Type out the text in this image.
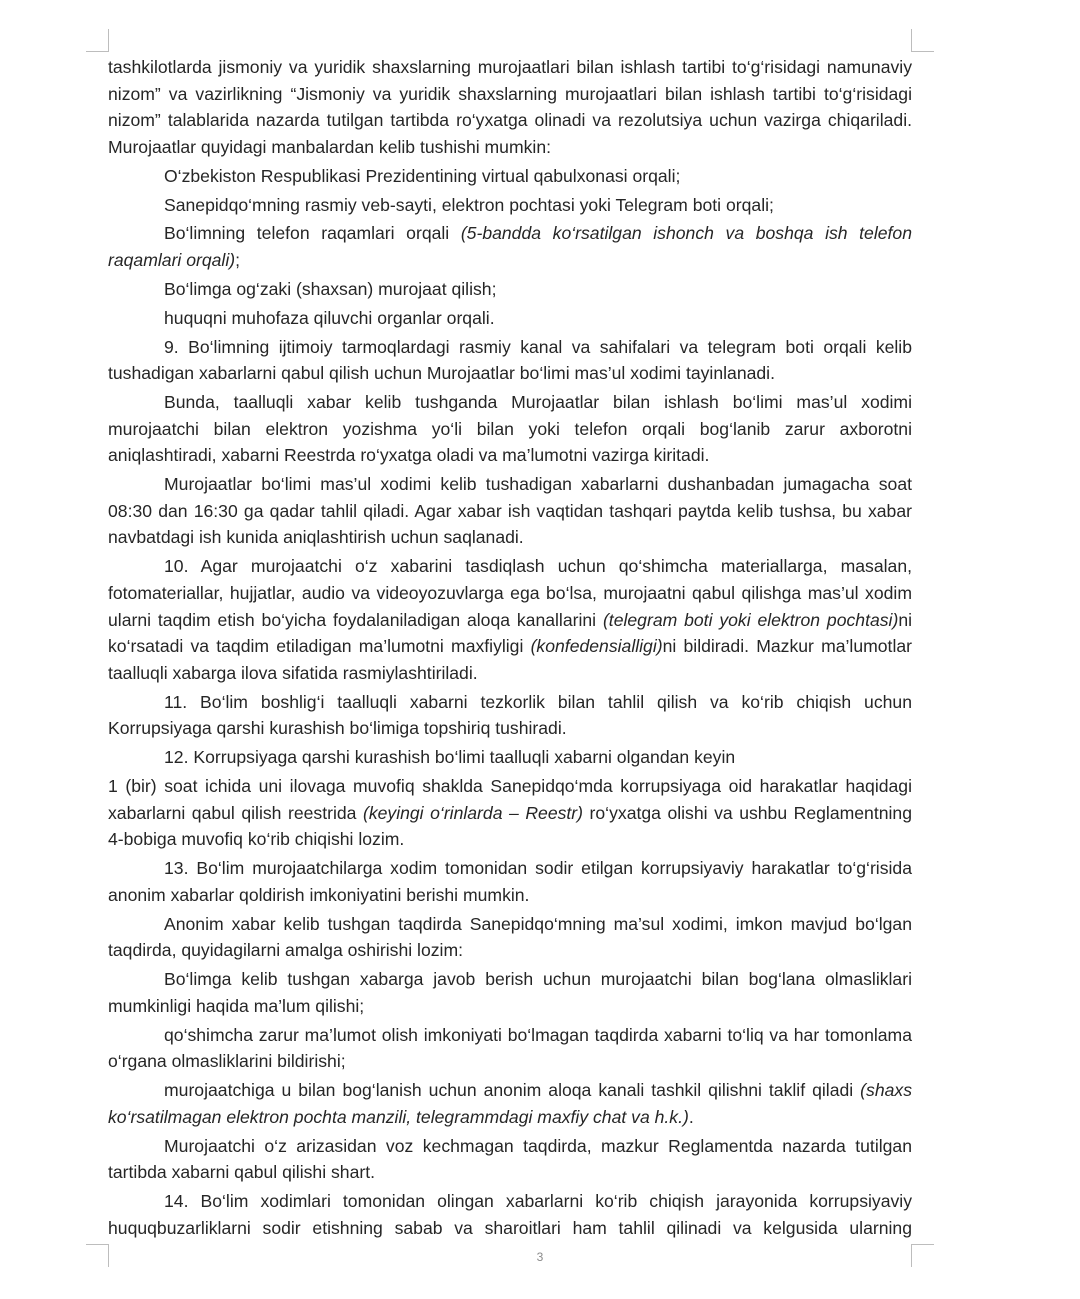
tashkilotlarda jismoniy va yuridik shaxslarning murojaatlari bilan ishlash tartibi to‘g‘risidagi namunaviy nizom” va vazirlikning “Jismoniy va yuridik shaxslarning murojaatlari bilan ishlash tartibi to‘g‘risidagi nizom” talablarida nazarda tutilgan tartibda ro‘yxatga olinadi va rezolutsiya uchun vazirga chiqariladi. Murojaatlar quyidagi manbalardan kelib tushishi mumkin:

O‘zbekiston Respublikasi Prezidentining virtual qabulxonasi orqali;

Sanepidqo‘mning rasmiy veb-sayti, elektron pochtasi yoki Telegram boti orqali;

Bo‘limning telefon raqamlari orqali (5-bandda ko‘rsatilgan ishonch va boshqa ish telefon raqamlari orqali);

Bo‘limga og‘zaki (shaxsan) murojaat qilish;

huquqni muhofaza qiluvchi organlar orqali.

9. Bo‘limning ijtimoiy tarmoqlardagi rasmiy kanal va sahifalari va telegram boti orqali kelib tushadigan xabarlarni qabul qilish uchun Murojaatlar bo‘limi mas’ul xodimi tayinlanadi.

Bunda, taalluqli xabar kelib tushganda Murojaatlar bilan ishlash bo‘limi mas’ul xodimi murojaatchi bilan elektron yozishma yo‘li bilan yoki telefon orqali bog‘lanib zarur axborotni aniqlashtiradi, xabarni Reestrda ro‘yxatga oladi va ma’lumotni vazirga kiritadi.

Murojaatlar bo‘limi mas’ul xodimi kelib tushadigan xabarlarni dushanbadan jumagacha soat 08:30 dan 16:30 ga qadar tahlil qiladi. Agar xabar ish vaqtidan tashqari paytda kelib tushsa, bu xabar navbatdagi ish kunida aniqlashtirish uchun saqlanadi.

10. Agar murojaatchi o‘z xabarini tasdiqlash uchun qo‘shimcha materiallarga, masalan, fotomateriallar, hujjatlar, audio va videoyozuvlarga ega bo‘lsa, murojaatni qabul qilishga mas’ul xodim ularni taqdim etish bo‘yicha foydalaniladigan aloqa kanallarini (telegram boti yoki elektron pochtasi)ni ko‘rsatadi va taqdim etiladigan ma’lumotni maxfiyligi (konfedensialligi)ni bildiradi. Mazkur ma’lumotlar taalluqli xabarga ilova sifatida rasmiylashtiriladi.

11. Bo‘lim boshlig‘i taalluqli xabarni tezkorlik bilan tahlil qilish va ko‘rib chiqish uchun Korrupsiyaga qarshi kurashish bo‘limiga topshiriq tushiradi.

12. Korrupsiyaga qarshi kurashish bo‘limi taalluqli xabarni olgandan keyin

1 (bir) soat ichida uni ilovaga muvofiq shaklda Sanepidqo‘mda korrupsiyaga oid harakatlar haqidagi xabarlarni qabul qilish reestrida (keyingi o‘rinlarda – Reestr) ro‘yxatga olishi va ushbu Reglamentning 4-bobiga muvofiq ko‘rib chiqishi lozim.

13. Bo‘lim murojaatchilarga xodim tomonidan sodir etilgan korrupsiyaviy harakatlar to‘g‘risida anonim xabarlar qoldirish imkoniyatini berishi mumkin.

Anonim xabar kelib tushgan taqdirda Sanepidqo‘mning ma’sul xodimi, imkon mavjud bo‘lgan taqdirda, quyidagilarni amalga oshirishi lozim:

Bo‘limga kelib tushgan xabarga javob berish uchun murojaatchi bilan bog‘lana olmasliklari mumkinligi haqida ma’lum qilishi;

qo‘shimcha zarur ma’lumot olish imkoniyati bo‘lmagan taqdirda xabarni to‘liq va har tomonlama o‘rgana olmasliklarini bildirishi;

murojaatchiga u bilan bog‘lanish uchun anonim aloqa kanali tashkil qilishni taklif qiladi (shaxs ko‘rsatilmagan elektron pochta manzili, telegrammdagi maxfiy chat va h.k.).

Murojaatchi o‘z arizasidan voz kechmagan taqdirda, mazkur Reglamentda nazarda tutilgan tartibda xabarni qabul qilishi shart.

14. Bo‘lim xodimlari tomonidan olingan xabarlarni ko‘rib chiqish jarayonida korrupsiyaviy huquqbuzarliklarni sodir etishning sabab va sharoitlari ham tahlil qilinadi va kelgusida ularning

3
